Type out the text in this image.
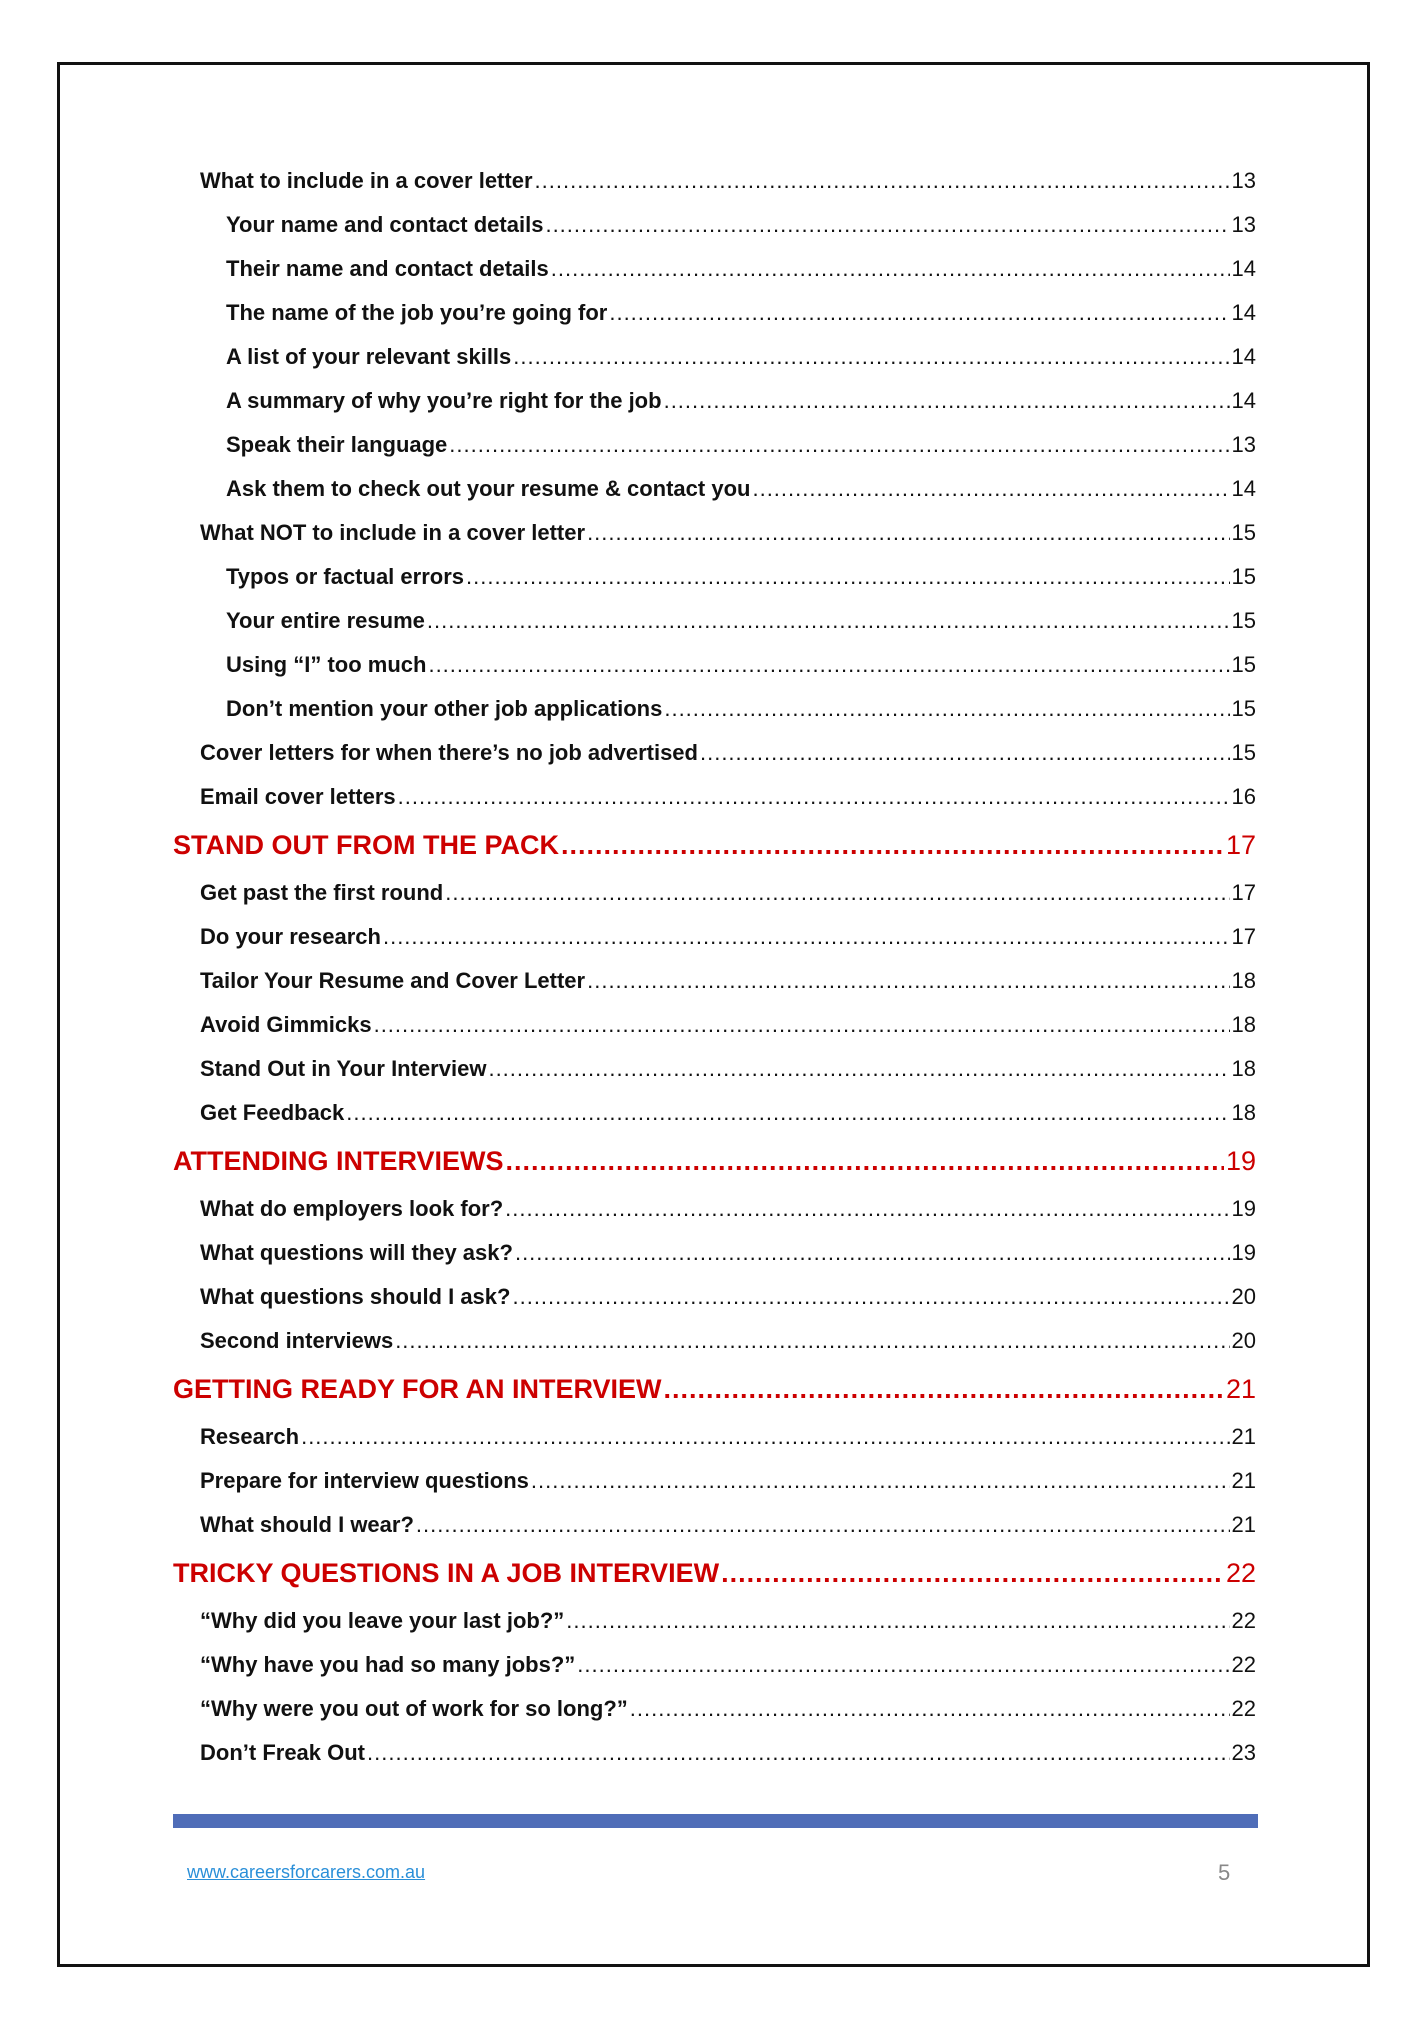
What to include in a cover letter .....	13
Your name and contact details .....	13
Their name and contact details .....	14
The name of the job you’re going for .....	14
A list of your relevant skills .....	14
A summary of why you’re right for the job .....	14
Speak their language .....	13
Ask them to check out your resume & contact you .....	14
What NOT to include in a cover letter .....	15
Typos or factual errors .....	15
Your entire resume .....	15
Using “I” too much .....	15
Don’t mention your other job applications .....	15
Cover letters for when there’s no job advertised .....	15
Email cover letters .....	16
STAND OUT FROM THE PACK .....	17
Get past the first round .....	17
Do your research .....	17
Tailor Your Resume and Cover Letter .....	18
Avoid Gimmicks .....	18
Stand Out in Your Interview .....	18
Get Feedback .....	18
ATTENDING INTERVIEWS .....	19
What do employers look for? .....	19
What questions will they ask? .....	19
What questions should I ask? .....	20
Second interviews .....	20
GETTING READY FOR AN INTERVIEW .....	21
Research .....	21
Prepare for interview questions .....	21
What should I wear? .....	21
TRICKY QUESTIONS IN A JOB INTERVIEW .....	22
“Why did you leave your last job?” .....	22
“Why have you had so many jobs?” .....	22
“Why were you out of work for so long?” .....	22
Don’t Freak Out .....	23
www.careersforcarers.com.au	5
